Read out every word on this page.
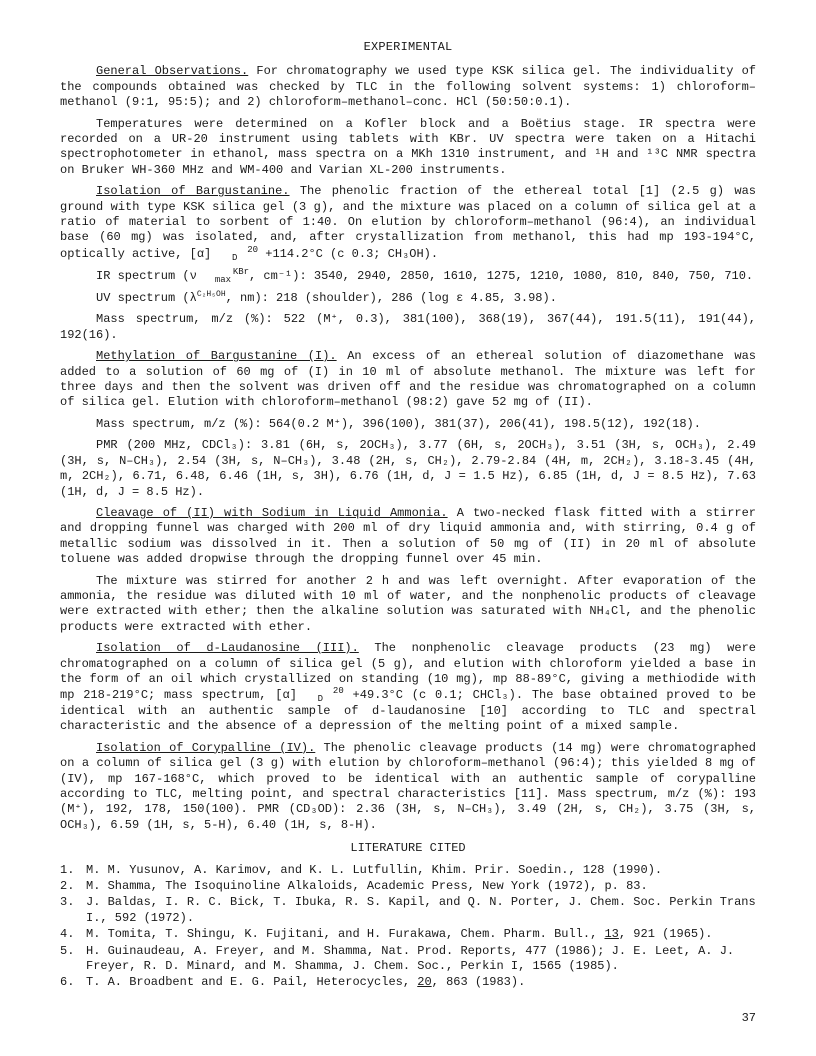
EXPERIMENTAL

General Observations. For chromatography we used type KSK silica gel. The individuality of the compounds obtained was checked by TLC in the following solvent systems: 1) chloroform–methanol (9:1, 95:5); and 2) chloroform–methanol–conc. HCl (50:50:0.1).

Temperatures were determined on a Kofler block and a Boëtius stage. IR spectra were recorded on a UR-20 instrument using tablets with KBr. UV spectra were taken on a Hitachi spectrophotometer in ethanol, mass spectra on a MKh 1310 instrument, and ¹H and ¹³C NMR spectra on Bruker WH-360 MHz and WM-400 and Varian XL-200 instruments.

Isolation of Bargustanine. The phenolic fraction of the ethereal total [1] (2.5 g) was ground with type KSK silica gel (3 g), and the mixture was placed on a column of silica gel at a ratio of material to sorbent of 1:40. On elution by chloroform–methanol (96:4), an individual base (60 mg) was isolated, and, after crystallization from methanol, this had mp 193-194°C, optically active, [α]	20
D +114.2°C (c 0.3; CH₃OH).

IR spectrum (ν	KBr
max , cm⁻¹): 3540, 2940, 2850, 1610, 1275, 1210, 1080, 810, 840, 750, 710.

UV spectrum ($\lambda^{C_2H_5OH}$, nm): 218 (shoulder), 286 (log ε 4.85, 3.98).

Mass spectrum, m/z (%): 522 (M⁺, 0.3), 381(100), 368(19), 367(44), 191.5(11), 191(44), 192(16).

Methylation of Bargustanine (I). An excess of an ethereal solution of diazomethane was added to a solution of 60 mg of (I) in 10 ml of absolute methanol. The mixture was left for three days and then the solvent was driven off and the residue was chromatographed on a column of silica gel. Elution with chloroform–methanol (98:2) gave 52 mg of (II).

Mass spectrum, m/z (%): 564(0.2 M⁺), 396(100), 381(37), 206(41), 198.5(12), 192(18).

PMR (200 MHz, CDCl₃): 3.81 (6H, s, 2OCH₃), 3.77 (6H, s, 2OCH₃), 3.51 (3H, s, OCH₃), 2.49 (3H, s, N–CH₃), 2.54 (3H, s, N–CH₃), 3.48 (2H, s, CH₂), 2.79-2.84 (4H, m, 2CH₂), 3.18-3.45 (4H, m, 2CH₂), 6.71, 6.48, 6.46 (1H, s, 3H), 6.76 (1H, d, J = 1.5 Hz), 6.85 (1H, d, J = 8.5 Hz), 7.63 (1H, d, J = 8.5 Hz).

Cleavage of (II) with Sodium in Liquid Ammonia. A two-necked flask fitted with a stirrer and dropping funnel was charged with 200 ml of dry liquid ammonia and, with stirring, 0.4 g of metallic sodium was dissolved in it. Then a solution of 50 mg of (II) in 20 ml of absolute toluene was added dropwise through the dropping funnel over 45 min.

The mixture was stirred for another 2 h and was left overnight. After evaporation of the ammonia, the residue was diluted with 10 ml of water, and the nonphenolic products of cleavage were extracted with ether; then the alkaline solution was saturated with NH₄Cl, and the phenolic products were extracted with ether.

Isolation of d-Laudanosine (III). The nonphenolic cleavage products (23 mg) were chromatographed on a column of silica gel (5 g), and elution with chloroform yielded a base in the form of an oil which crystallized on standing (10 mg), mp 88-89°C, giving a methiodide with mp 218-219°C; mass spectrum, [α]	20
D +49.3°C (c 0.1; CHCl₃). The base obtained proved to be identical with an authentic sample of d-laudanosine [10] according to TLC and spectral characteristic and the absence of a depression of the melting point of a mixed sample.

Isolation of Corypalline (IV). The phenolic cleavage products (14 mg) were chromatographed on a column of silica gel (3 g) with elution by chloroform–methanol (96:4); this yielded 8 mg of (IV), mp 167-168°C, which proved to be identical with an authentic sample of corypalline according to TLC, melting point, and spectral characteristics [11]. Mass spectrum, m/z (%): 193 (M⁺), 192, 178, 150(100). PMR (CD₃OD): 2.36 (3H, s, N–CH₃), 3.49 (2H, s, CH₂), 3.75 (3H, s, OCH₃), 6.59 (1H, s, 5-H), 6.40 (1H, s, 8-H).

LITERATURE CITED
1. M. M. Yusunov, A. Karimov, and K. L. Lutfullin, Khim. Prir. Soedin., 128 (1990).
2. M. Shamma, The Isoquinoline Alkaloids, Academic Press, New York (1972), p. 83.
3. J. Baldas, I. R. C. Bick, T. Ibuka, R. S. Kapil, and Q. N. Porter, J. Chem. Soc. Perkin Trans I., 592 (1972).
4. M. Tomita, T. Shingu, K. Fujitani, and H. Furakawa, Chem. Pharm. Bull., 13, 921 (1965).
5. H. Guinaudeau, A. Freyer, and M. Shamma, Nat. Prod. Reports, 477 (1986); J. E. Leet, A. J. Freyer, R. D. Minard, and M. Shamma, J. Chem. Soc., Perkin I, 1565 (1985).
6. T. A. Broadbent and E. G. Pail, Heterocycles, 20, 863 (1983).
37
